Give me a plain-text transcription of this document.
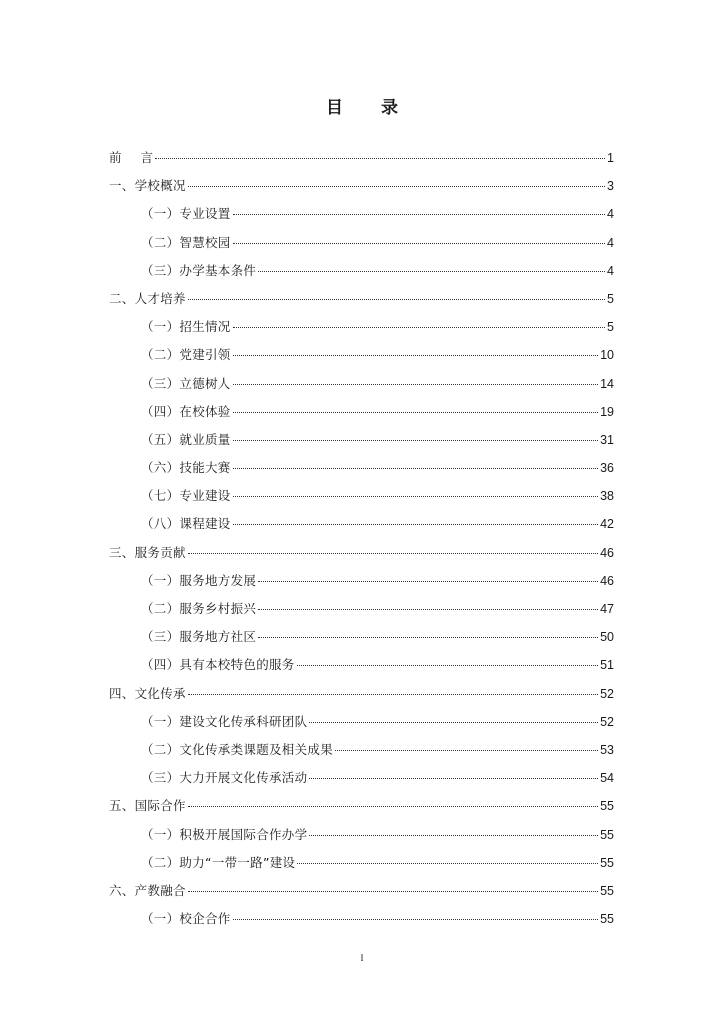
目 录
前 言	1
一、学校概况	3
（一）专业设置	4
（二）智慧校园	4
（三）办学基本条件	4
二、人才培养	5
（一）招生情况	5
（二）党建引领	10
（三）立德树人	14
（四）在校体验	19
（五）就业质量	31
（六）技能大赛	36
（七）专业建设	38
（八）课程建设	42
三、服务贡献	46
（一）服务地方发展	46
（二）服务乡村振兴	47
（三）服务地方社区	50
（四）具有本校特色的服务	51
四、文化传承	52
（一）建设文化传承科研团队	52
（二）文化传承类课题及相关成果	53
（三）大力开展文化传承活动	54
五、国际合作	55
（一）积极开展国际合作办学	55
（二）助力“一带一路”建设	55
六、产教融合	55
（一）校企合作	55
I
